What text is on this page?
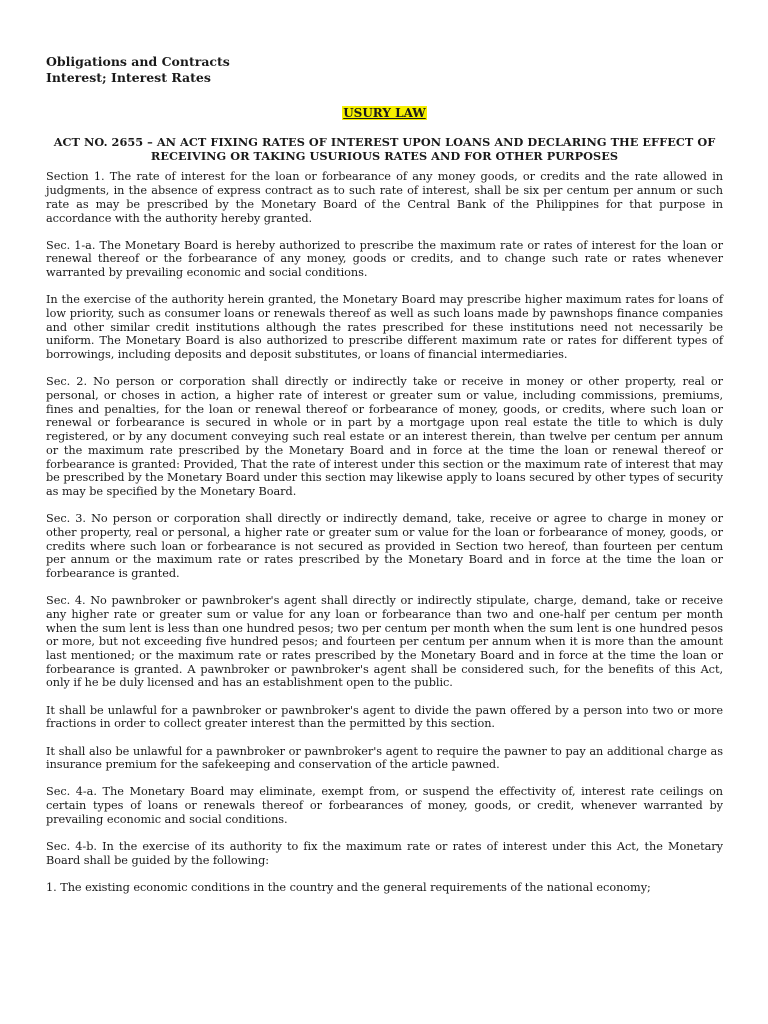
Obligations and Contracts

Interest; Interest Rates

USURY LAW

ACT NO. 2655 – AN ACT FIXING RATES OF INTEREST UPON LOANS AND DECLARING THE EFFECT OF RECEIVING OR TAKING USURIOUS RATES AND FOR OTHER PURPOSES

Section 1. The rate of interest for the loan or forbearance of any money goods, or credits and the rate allowed in judgments, in the absence of express contract as to such rate of interest, shall be six per centum per annum or such rate as may be prescribed by the Monetary Board of the Central Bank of the Philippines for that purpose in accordance with the authority hereby granted.

Sec. 1-a. The Monetary Board is hereby authorized to prescribe the maximum rate or rates of interest for the loan or renewal thereof or the forbearance of any money, goods or credits, and to change such rate or rates whenever warranted by prevailing economic and social conditions.

In the exercise of the authority herein granted, the Monetary Board may prescribe higher maximum rates for loans of low priority, such as consumer loans or renewals thereof as well as such loans made by pawnshops finance companies and other similar credit institutions although the rates prescribed for these institutions need not necessarily be uniform. The Monetary Board is also authorized to prescribe different maximum rate or rates for different types of borrowings, including deposits and deposit substitutes, or loans of financial intermediaries.

Sec. 2. No person or corporation shall directly or indirectly take or receive in money or other property, real or personal, or choses in action, a higher rate of interest or greater sum or value, including commissions, premiums, fines and penalties, for the loan or renewal thereof or forbearance of money, goods, or credits, where such loan or renewal or forbearance is secured in whole or in part by a mortgage upon real estate the title to which is duly registered, or by any document conveying such real estate or an interest therein, than twelve per centum per annum or the maximum rate prescribed by the Monetary Board and in force at the time the loan or renewal thereof or forbearance is granted: Provided, That the rate of interest under this section or the maximum rate of interest that may be prescribed by the Monetary Board under this section may likewise apply to loans secured by other types of security as may be specified by the Monetary Board.

Sec. 3. No person or corporation shall directly or indirectly demand, take, receive or agree to charge in money or other property, real or personal, a higher rate or greater sum or value for the loan or forbearance of money, goods, or credits where such loan or forbearance is not secured as provided in Section two hereof, than fourteen per centum per annum or the maximum rate or rates prescribed by the Monetary Board and in force at the time the loan or forbearance is granted.

Sec. 4. No pawnbroker or pawnbroker's agent shall directly or indirectly stipulate, charge, demand, take or receive any higher rate or greater sum or value for any loan or forbearance than two and one-half per centum per month when the sum lent is less than one hundred pesos; two per centum per month when the sum lent is one hundred pesos or more, but not exceeding five hundred pesos; and fourteen per centum per annum when it is more than the amount last mentioned; or the maximum rate or rates prescribed by the Monetary Board and in force at the time the loan or forbearance is granted. A pawnbroker or pawnbroker's agent shall be considered such, for the benefits of this Act, only if he be duly licensed and has an establishment open to the public.

It shall be unlawful for a pawnbroker or pawnbroker's agent to divide the pawn offered by a person into two or more fractions in order to collect greater interest than the permitted by this section.

It shall also be unlawful for a pawnbroker or pawnbroker's agent to require the pawner to pay an additional charge as insurance premium for the safekeeping and conservation of the article pawned.

Sec. 4-a. The Monetary Board may eliminate, exempt from, or suspend the effectivity of, interest rate ceilings on certain types of loans or renewals thereof or forbearances of money, goods, or credit, whenever warranted by prevailing economic and social conditions.

Sec. 4-b. In the exercise of its authority to fix the maximum rate or rates of interest under this Act, the Monetary Board shall be guided by the following:

1. The existing economic conditions in the country and the general requirements of the national economy;
